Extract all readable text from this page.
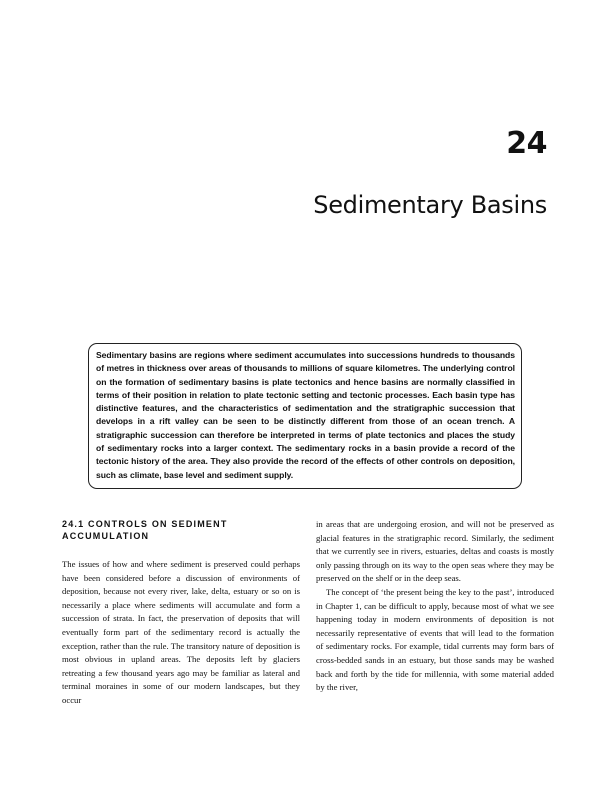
24
Sedimentary Basins

Sedimentary basins are regions where sediment accumulates into successions hundreds to thousands of metres in thickness over areas of thousands to millions of square kilometres. The underlying control on the formation of sedimentary basins is plate tectonics and hence basins are normally classified in terms of their position in relation to plate tectonic setting and tectonic processes. Each basin type has distinctive features, and the characteristics of sedimentation and the stratigraphic succession that develops in a rift valley can be seen to be distinctly different from those of an ocean trench. A stratigraphic succession can therefore be interpreted in terms of plate tectonics and places the study of sedimentary rocks into a larger context. The sedimentary rocks in a basin provide a record of the tectonic history of the area. They also provide the record of the effects of other controls on deposition, such as climate, base level and sediment supply.

24.1 CONTROLS ON SEDIMENT
ACCUMULATION

The issues of how and where sediment is preserved could perhaps have been considered before a discussion of environments of deposition, because not every river, lake, delta, estuary or so on is necessarily a place where sediments will accumulate and form a succession of strata. In fact, the preservation of deposits that will eventually form part of the sedimentary record is actually the exception, rather than the rule. The transitory nature of deposition is most obvious in upland areas. The deposits left by glaciers retreating a few thousand years ago may be familiar as lateral and terminal moraines in some of our modern landscapes, but they occur

in areas that are undergoing erosion, and will not be preserved as glacial features in the stratigraphic record. Similarly, the sediment that we currently see in rivers, estuaries, deltas and coasts is mostly only passing through on its way to the open seas where they may be preserved on the shelf or in the deep seas.

The concept of ‘the present being the key to the past’, introduced in Chapter 1, can be difficult to apply, because most of what we see happening today in modern environments of deposition is not necessarily representative of events that will lead to the formation of sedimentary rocks. For example, tidal currents may form bars of cross-bedded sands in an estuary, but those sands may be washed back and forth by the tide for millennia, with some material added by the river,
